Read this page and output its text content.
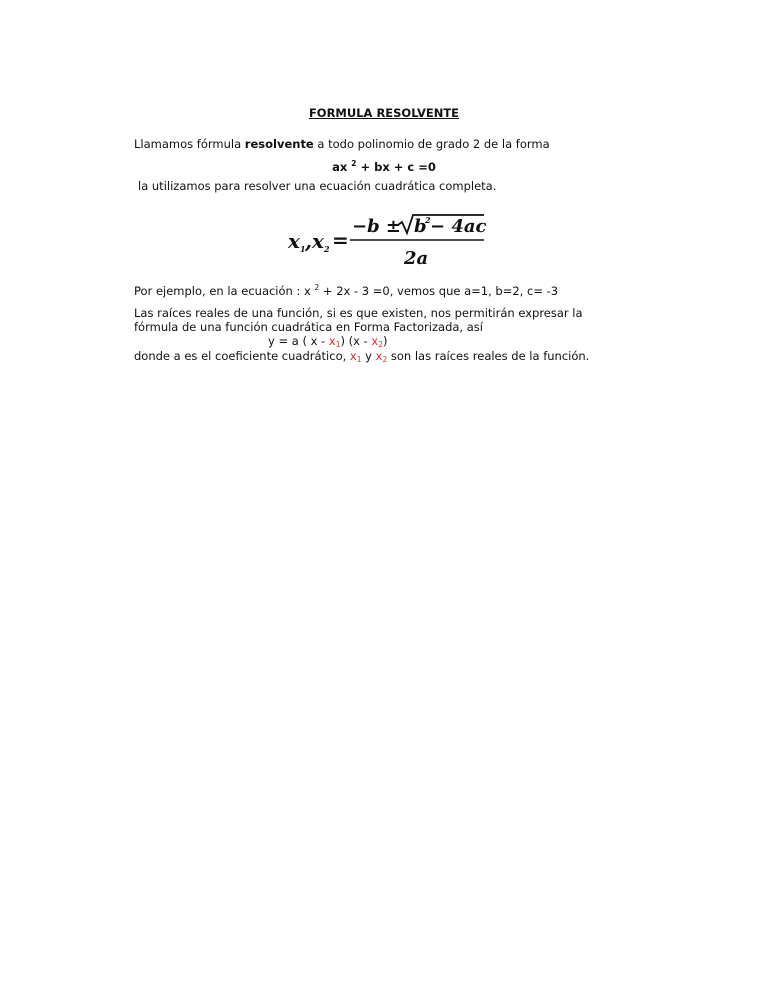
FORMULA RESOLVENTE
Llamamos fórmula resolvente a todo polinomio de grado 2 de la forma
ax $^2$ + bx + c =0
la utilizamos para resolver una ecuación cuadrática completa.
x 1 , x 2 =
−b ± b
2 − 4ac
2a
Por ejemplo, en la ecuación : x $^2$ + 2x - 3 =0, vemos que a=1, b=2, c= -3
Las raíces reales de una función, si es que existen, nos permitirán expresar la
fórmula de una función cuadrática en Forma Factorizada, así
y = a ( x - $x_1$) $(x - x_2)$
donde a es el coeficiente cuadrático, $x_1$ y $x_2$ son las raíces reales de la función.
